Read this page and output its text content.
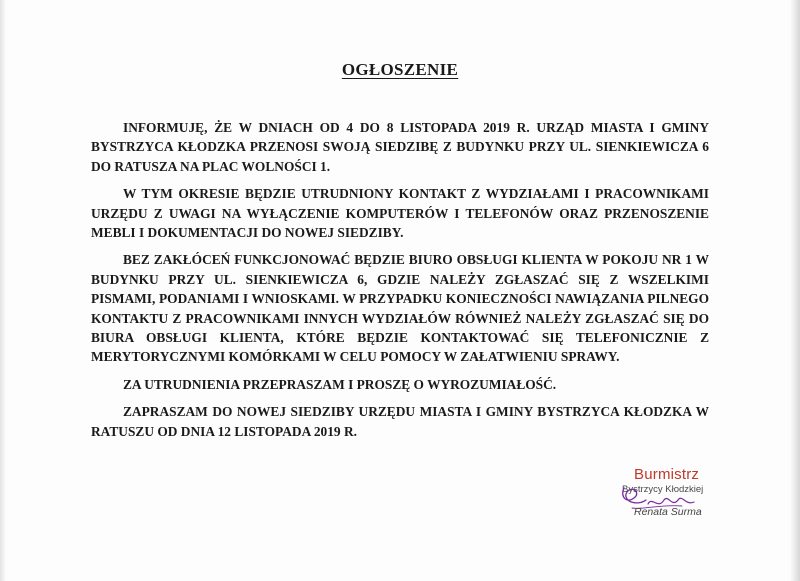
OGŁOSZENIE

INFORMUJĘ, ŻE W DNIACH OD 4 DO 8 LISTOPADA 2019 R. URZĄD MIASTA I GMINY BYSTRZYCA KŁODZKA PRZENOSI SWOJĄ SIEDZIBĘ Z BUDYNKU PRZY UL. SIENKIEWICZA 6 DO RATUSZA NA PLAC WOLNOŚCI 1.

W TYM OKRESIE BĘDZIE UTRUDNIONY KONTAKT Z WYDZIAŁAMI I PRACOWNIKAMI URZĘDU Z UWAGI NA WYŁĄCZENIE KOMPUTERÓW I TELEFONÓW ORAZ PRZENOSZENIE MEBLI I DOKUMENTACJI DO NOWEJ SIEDZIBY.

BEZ ZAKŁÓCEŃ FUNKCJONOWAĆ BĘDZIE BIURO OBSŁUGI KLIENTA W POKOJU NR 1 W BUDYNKU PRZY UL. SIENKIEWICZA 6, GDZIE NALEŻY ZGŁASZAĆ SIĘ Z WSZELKIMI PISMAMI, PODANIAMI I WNIOSKAMI. W PRZYPADKU KONIECZNOŚCI NAWIĄZANIA PILNEGO KONTAKTU Z PRACOWNIKAMI INNYCH WYDZIAŁÓW RÓWNIEŻ NALEŻY ZGŁASZAĆ SIĘ DO BIURA OBSŁUGI KLIENTA, KTÓRE BĘDZIE KONTAKTOWAĆ SIĘ TELEFONICZNIE Z MERYTORYCZNYMI KOMÓRKAMI W CELU POMOCY W ZAŁATWIENIU SPRAWY.

ZA UTRUDNIENIA PRZEPRASZAM I PROSZĘ O WYROZUMIAŁOŚĆ.

ZAPRASZAM DO NOWEJ SIEDZIBY URZĘDU MIASTA I GMINY BYSTRZYCA KŁODZKA W RATUSZU OD DNIA 12 LISTOPADA 2019 R.

Burmistrz
Bystrzycy Kłodzkiej
Renata Surma
